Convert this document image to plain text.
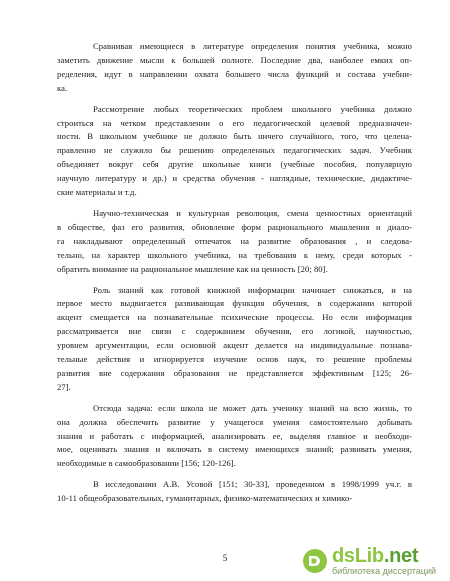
Сравнивая имеющиеся в литературе определения понятия учебника, можно
заметить движение мысли к большей полноте. Последние два, наиболее емких оп-
ределения, идут в направлении охвата большего числа функций и состава учебни-
ка.
Рассмотрение любых теоретических проблем школьного учебника должно
строиться на четком представлении о его педагогической целевой предназначен-
ности. В школьном учебнике не должно быть ничего случайного, того, что целена-
правленно не служило бы решению определенных педагогических задач. Учебник
объединяет вокруг себя другие школьные книги (учебные пособия, популярную
научную литературу и др.) и средства обучения - наглядные, технические, дидактиче-
ские материалы и т.д.
Научно-техническая и культурная революция, смена ценностных ориентаций
в обществе, фаз его развития, обновление форм рационального мышления и диало-
га накладывают определенный отпечаток на развитие образования , и следова-
тельно, на характер школьного учебника, на требования к нему, среди которых -
обратить внимание на рациональное мышление как на ценность [20; 80].
Роль знаний как готовой книжной информации начинает снижаться, и на
первое место выдвигается развивающая функция обучения, в содержании которой
акцент смещается на познавательные психические процессы. Но если информация
рассматривается вне связи с содержанием обучения, его логикой, научностью,
уровнем аргументации, если основной акцент делается на индивидуальные познава-
тельные действия и игнорируется изучение основ наук, то решение проблемы
развития вне содержания образования не представляется эффективным [125; 26-
27].
Отсюда задача: если школа не может дать ученику знаний на всю жизнь, то
она должна обеспечить развитие у учащегося умения самостоятельно добывать
знания и работать с информацией, анализировать ее, выделяя главное и необходи-
мое, оценивать знания и включать в систему имеющихся знаний; развивать умения,
необходимые в самообразовании [156; 120-126].
В исследовании А.В. Усовой [151; 30-33], проведенном в 1998/1999 уч.г. в
10-11 общеобразовательных, гуманитарных, физико-математических и химико-
5	dsLib.net
библиотека диссертаций
